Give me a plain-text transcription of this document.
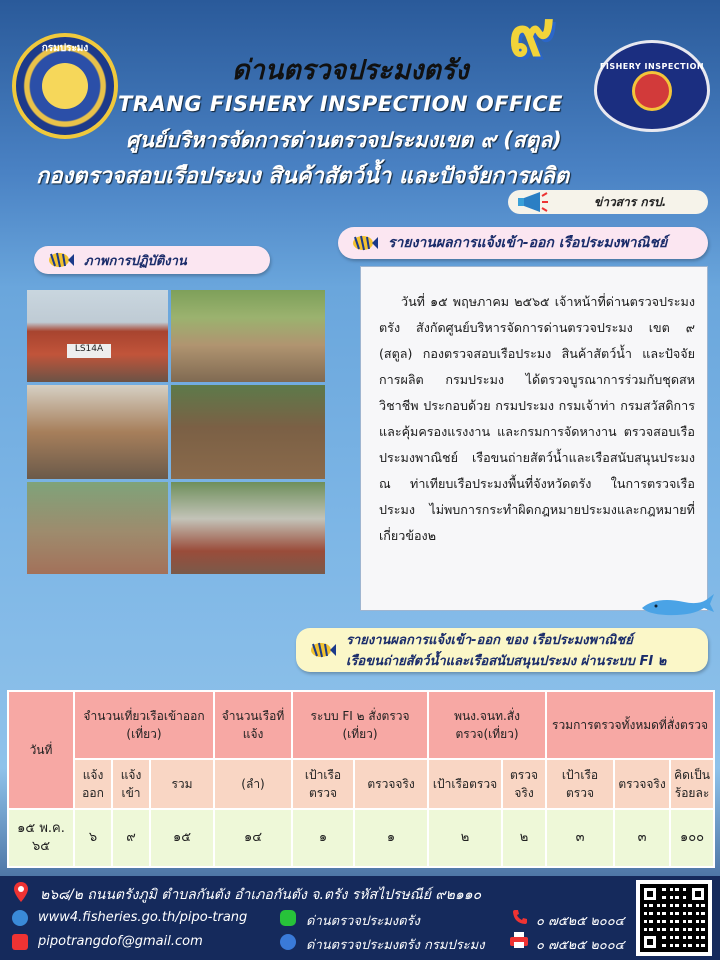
กรมประมง	๙	FISHERY INSPECTION
ด่านตรวจประมงตรัง
TRANG FISHERY INSPECTION OFFICE
ศูนย์บริหารจัดการด่านตรวจประมงเขต ๙ (สตูล)
กองตรวจสอบเรือประมง สินค้าสัตว์น้ำ และปัจจัยการผลิต
ข่าวสาร กรป.
รายงานผลการแจ้งเข้า-ออก เรือประมงพาณิชย์
ภาพการปฏิบัติงาน
LS14A

วันที่ ๑๕ พฤษภาคม ๒๕๖๕ เจ้าหน้าที่ด่านตรวจประมงตรัง สังกัดศูนย์บริหารจัดการด่านตรวจประมง เขต ๙ (สตูล) กองตรวจสอบเรือประมง สินค้าสัตว์น้ำ และปัจจัยการผลิต กรมประมง ได้ตรวจบูรณาการร่วมกับชุดสหวิชาชีพ ประกอบด้วย กรมประมง กรมเจ้าท่า กรมสวัสดิการและคุ้มครองแรงงาน และกรมการจัดหางาน ตรวจสอบเรือประมงพาณิชย์ เรือขนถ่ายสัตว์น้ำและเรือสนับสนุนประมง ณ ท่าเทียบเรือประมงพื้นที่จังหวัดตรัง ในการตรวจเรือประมง ไม่พบการกระทำผิดกฎหมายประมงและกฎหมายที่เกี่ยวข้อง๒

รายงานผลการแจ้งเข้า-ออก ของ เรือประมงพาณิชย์
เรือขนถ่ายสัตว์น้ำและเรือสนับสนุนประมง ผ่านระบบ FI ๒
วันที่	จำนวนเที่ยวเรือเข้าออก (เที่ยว)			จำนวนเรือที่แจ้ง	ระบบ FI ๒ สั่งตรวจ (เที่ยว)		พนง.จนท.สั่งตรวจ(เที่ยว)		รวมการตรวจทั้งหมดที่สั่งตรวจ		
	แจ้งออก	แจ้งเข้า	รวม	(ลำ)	เป้าเรือตรวจ	ตรวจจริง	เป้าเรือตรวจ	ตรวจจริง	เป้าเรือตรวจ	ตรวจจริง	คิดเป็นร้อยละ
๑๕ พ.ค. ๖๕	๖	๙	๑๕	๑๔	๑	๑	๒	๒	๓	๓	๑๐๐
๒๖๘/๒ ถนนตรังภูมิ ตำบลกันตัง อำเภอกันตัง จ.ตรัง รหัสไปรษณีย์ ๙๒๑๑๐
www4.fisheries.go.th/pipo-trang	ด่านตรวจประมงตรัง	๐ ๗๕๒๕ ๒๐๐๔
pipotrangdof@gmail.com	ด่านตรวจประมงตรัง กรมประมง	๐ ๗๕๒๕ ๒๐๐๔
